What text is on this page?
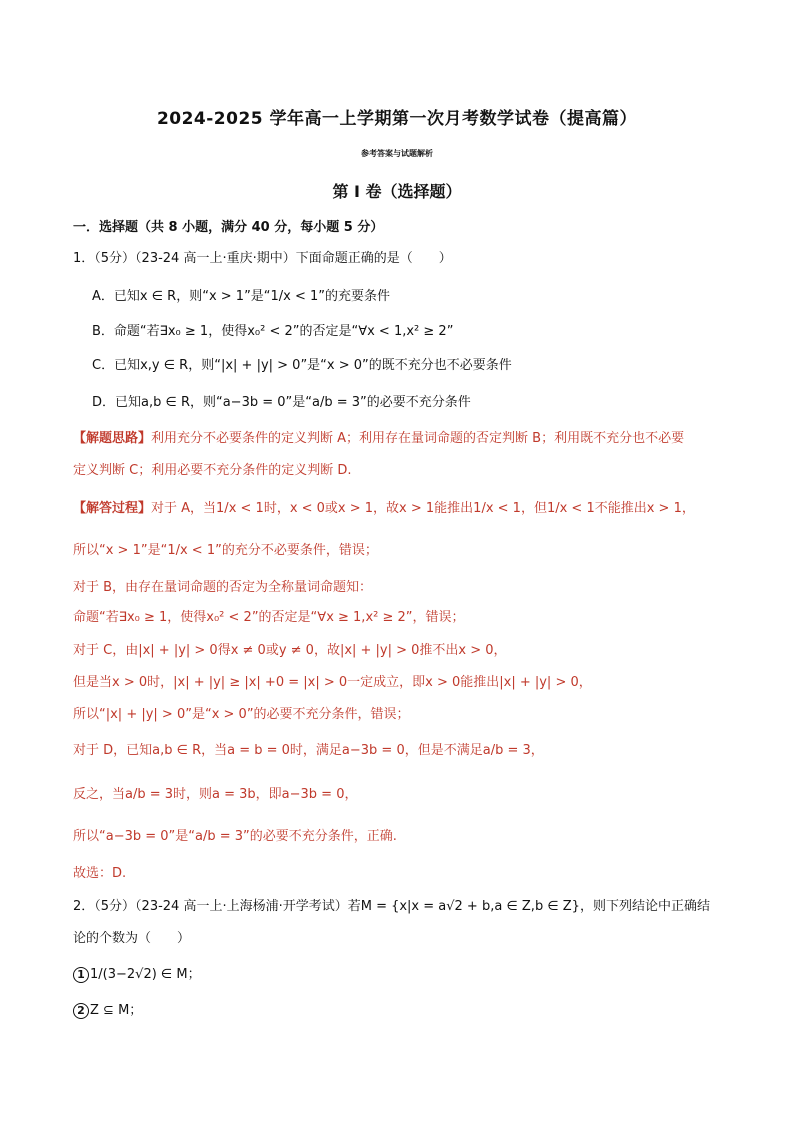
2024-2025 学年高一上学期第一次月考数学试卷（提高篇）
参考答案与试题解析
第 I 卷（选择题）
一．选择题（共 8 小题，满分 40 分，每小题 5 分）
1．（5分）（23-24 高一上·重庆·期中）下面命题正确的是（　　）
A．已知x ∈ R，则“x > 1”是“1/x < 1”的充要条件
B．命题“若∃x₀ ≥ 1，使得x₀² < 2”的否定是“∀x < 1,x² ≥ 2”
C．已知x,y ∈ R，则“|x| + |y| > 0”是“x > 0”的既不充分也不必要条件
D．已知a,b ∈ R，则“a−3b = 0”是“a/b = 3”的必要不充分条件
【解题思路】利用充分不必要条件的定义判断 A；利用存在量词命题的否定判断 B；利用既不充分也不必要
定义判断 C；利用必要不充分条件的定义判断 D.
【解答过程】对于 A，当1/x < 1时，x < 0或x > 1，故x > 1能推出1/x < 1，但1/x < 1不能推出x > 1，
所以“x > 1”是“1/x < 1”的充分不必要条件，错误；
对于 B，由存在量词命题的否定为全称量词命题知：
命题“若∃x₀ ≥ 1，使得x₀² < 2”的否定是“∀x ≥ 1,x² ≥ 2”，错误；
对于 C，由|x| + |y| > 0得x ≠ 0或y ≠ 0，故|x| + |y| > 0推不出x > 0，
但是当x > 0时，|x| + |y| ≥ |x| +0 = |x| > 0一定成立，即x > 0能推出|x| + |y| > 0，
所以“|x| + |y| > 0”是“x > 0”的必要不充分条件，错误；
对于 D，已知a,b ∈ R，当a = b = 0时，满足a−3b = 0，但是不满足a/b = 3，
反之，当a/b = 3时，则a = 3b，即a−3b = 0，
所以“a−3b = 0”是“a/b = 3”的必要不充分条件，正确.
故选：D.
2．（5分）（23-24 高一上·上海杨浦·开学考试）若M = {x|x = a√2 + b,a ∈ Z,b ∈ Z}，则下列结论中正确结
论的个数为（　　）
1 1/(3−2√2) ∈ M；
2 Z ⊆ M；
